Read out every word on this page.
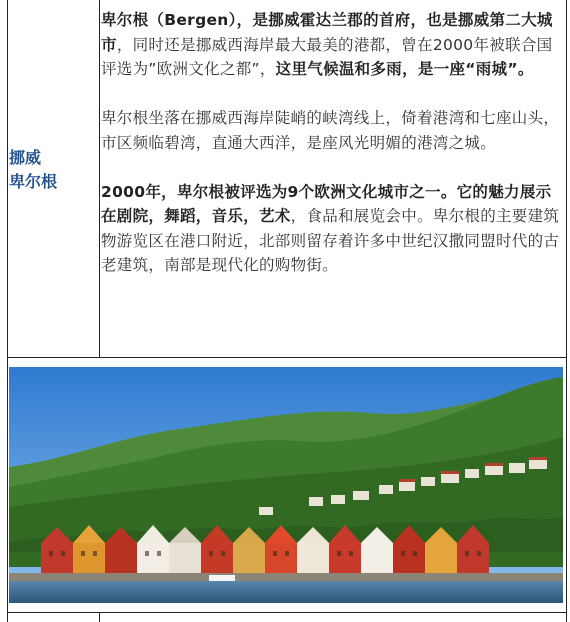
挪威
卑尔根

卑尔根（Bergen），是挪威霍达兰郡的首府，也是挪威第二大城市，同时还是挪威西海岸最大最美的港都，曾在2000年被联合国评选为”欧洲文化之都”，这里气候温和多雨，是一座“雨城”。

卑尔根坐落在挪威西海岸陡峭的峡湾线上，倚着港湾和七座山头，市区频临碧湾，直通大西洋，是座风光明媚的港湾之城。

2000年，卑尔根被评选为9个欧洲文化城市之一。它的魅力展示在剧院，舞蹈，音乐，艺术，食品和展览会中。卑尔根的主要建筑物游览区在港口附近，北部则留存着许多中世纪汉撒同盟时代的古老建筑，南部是现代化的购物街。
